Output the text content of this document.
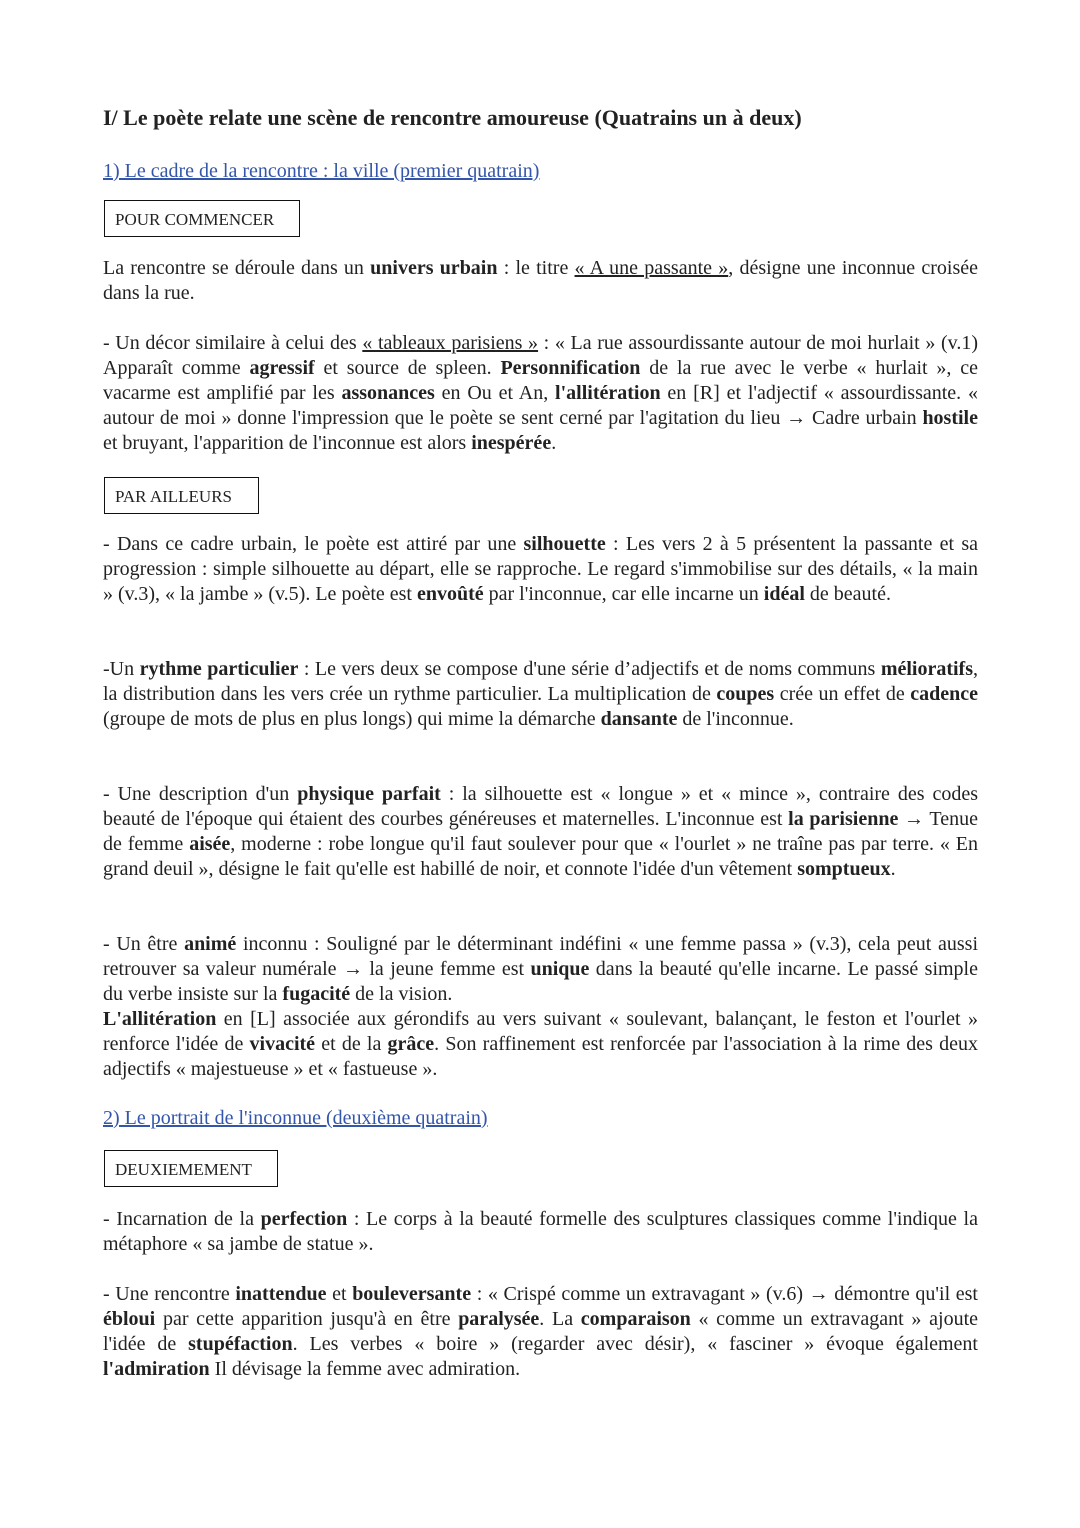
I/ Le poète relate une scène de rencontre amoureuse (Quatrains un à deux)
1) Le cadre de la rencontre : la ville (premier quatrain)
POUR COMMENCER
La rencontre se déroule dans un univers urbain : le titre « A une passante », désigne une inconnue croisée dans la rue.
- Un décor similaire à celui des « tableaux parisiens » : « La rue assourdissante autour de moi hurlait » (v.1) Apparaît comme agressif et source de spleen. Personnification de la rue avec le verbe « hurlait », ce vacarme est amplifié par les assonances en Ou et An, l'allitération en [R] et l'adjectif « assourdissante. « autour de moi » donne l'impression que le poète se sent cerné par l'agitation du lieu → Cadre urbain hostile et bruyant, l'apparition de l'inconnue est alors inespérée.
PAR AILLEURS
- Dans ce cadre urbain, le poète est attiré par une silhouette : Les vers 2 à 5 présentent la passante et sa progression : simple silhouette au départ, elle se rapproche. Le regard s'immobilise sur des détails, « la main » (v.3), « la jambe » (v.5). Le poète est envoûté par l'inconnue, car elle incarne un idéal de beauté.
-Un rythme particulier : Le vers deux se compose d'une série d’adjectifs et de noms communs mélioratifs, la distribution dans les vers crée un rythme particulier. La multiplication de coupes crée un effet de cadence (groupe de mots de plus en plus longs) qui mime la démarche dansante de l'inconnue.
- Une description d'un physique parfait : la silhouette est « longue » et « mince », contraire des codes beauté de l'époque qui étaient des courbes généreuses et maternelles. L'inconnue est la parisienne → Tenue de femme aisée, moderne : robe longue qu'il faut soulever pour que « l'ourlet » ne traîne pas par terre. « En grand deuil », désigne le fait qu'elle est habillé de noir, et connote l'idée d'un vêtement somptueux.
- Un être animé inconnu : Souligné par le déterminant indéfini « une femme passa » (v.3), cela peut aussi retrouver sa valeur numérale → la jeune femme est unique dans la beauté qu'elle incarne. Le passé simple du verbe insiste sur la fugacité de la vision.
L'allitération en [L] associée aux gérondifs au vers suivant « soulevant, balançant, le feston et l'ourlet » renforce l'idée de vivacité et de la grâce. Son raffinement est renforcée par l'association à la rime des deux adjectifs « majestueuse » et « fastueuse ».
2) Le portrait de l'inconnue (deuxième quatrain)
DEUXIEMEMENT
- Incarnation de la perfection : Le corps à la beauté formelle des sculptures classiques comme l'indique la métaphore « sa jambe de statue ».
- Une rencontre inattendue et bouleversante : « Crispé comme un extravagant » (v.6) → démontre qu'il est ébloui par cette apparition jusqu'à en être paralysée. La comparaison « comme un extravagant » ajoute l'idée de stupéfaction. Les verbes « boire » (regarder avec désir), « fasciner » évoque également l'admiration Il dévisage la femme avec admiration.
